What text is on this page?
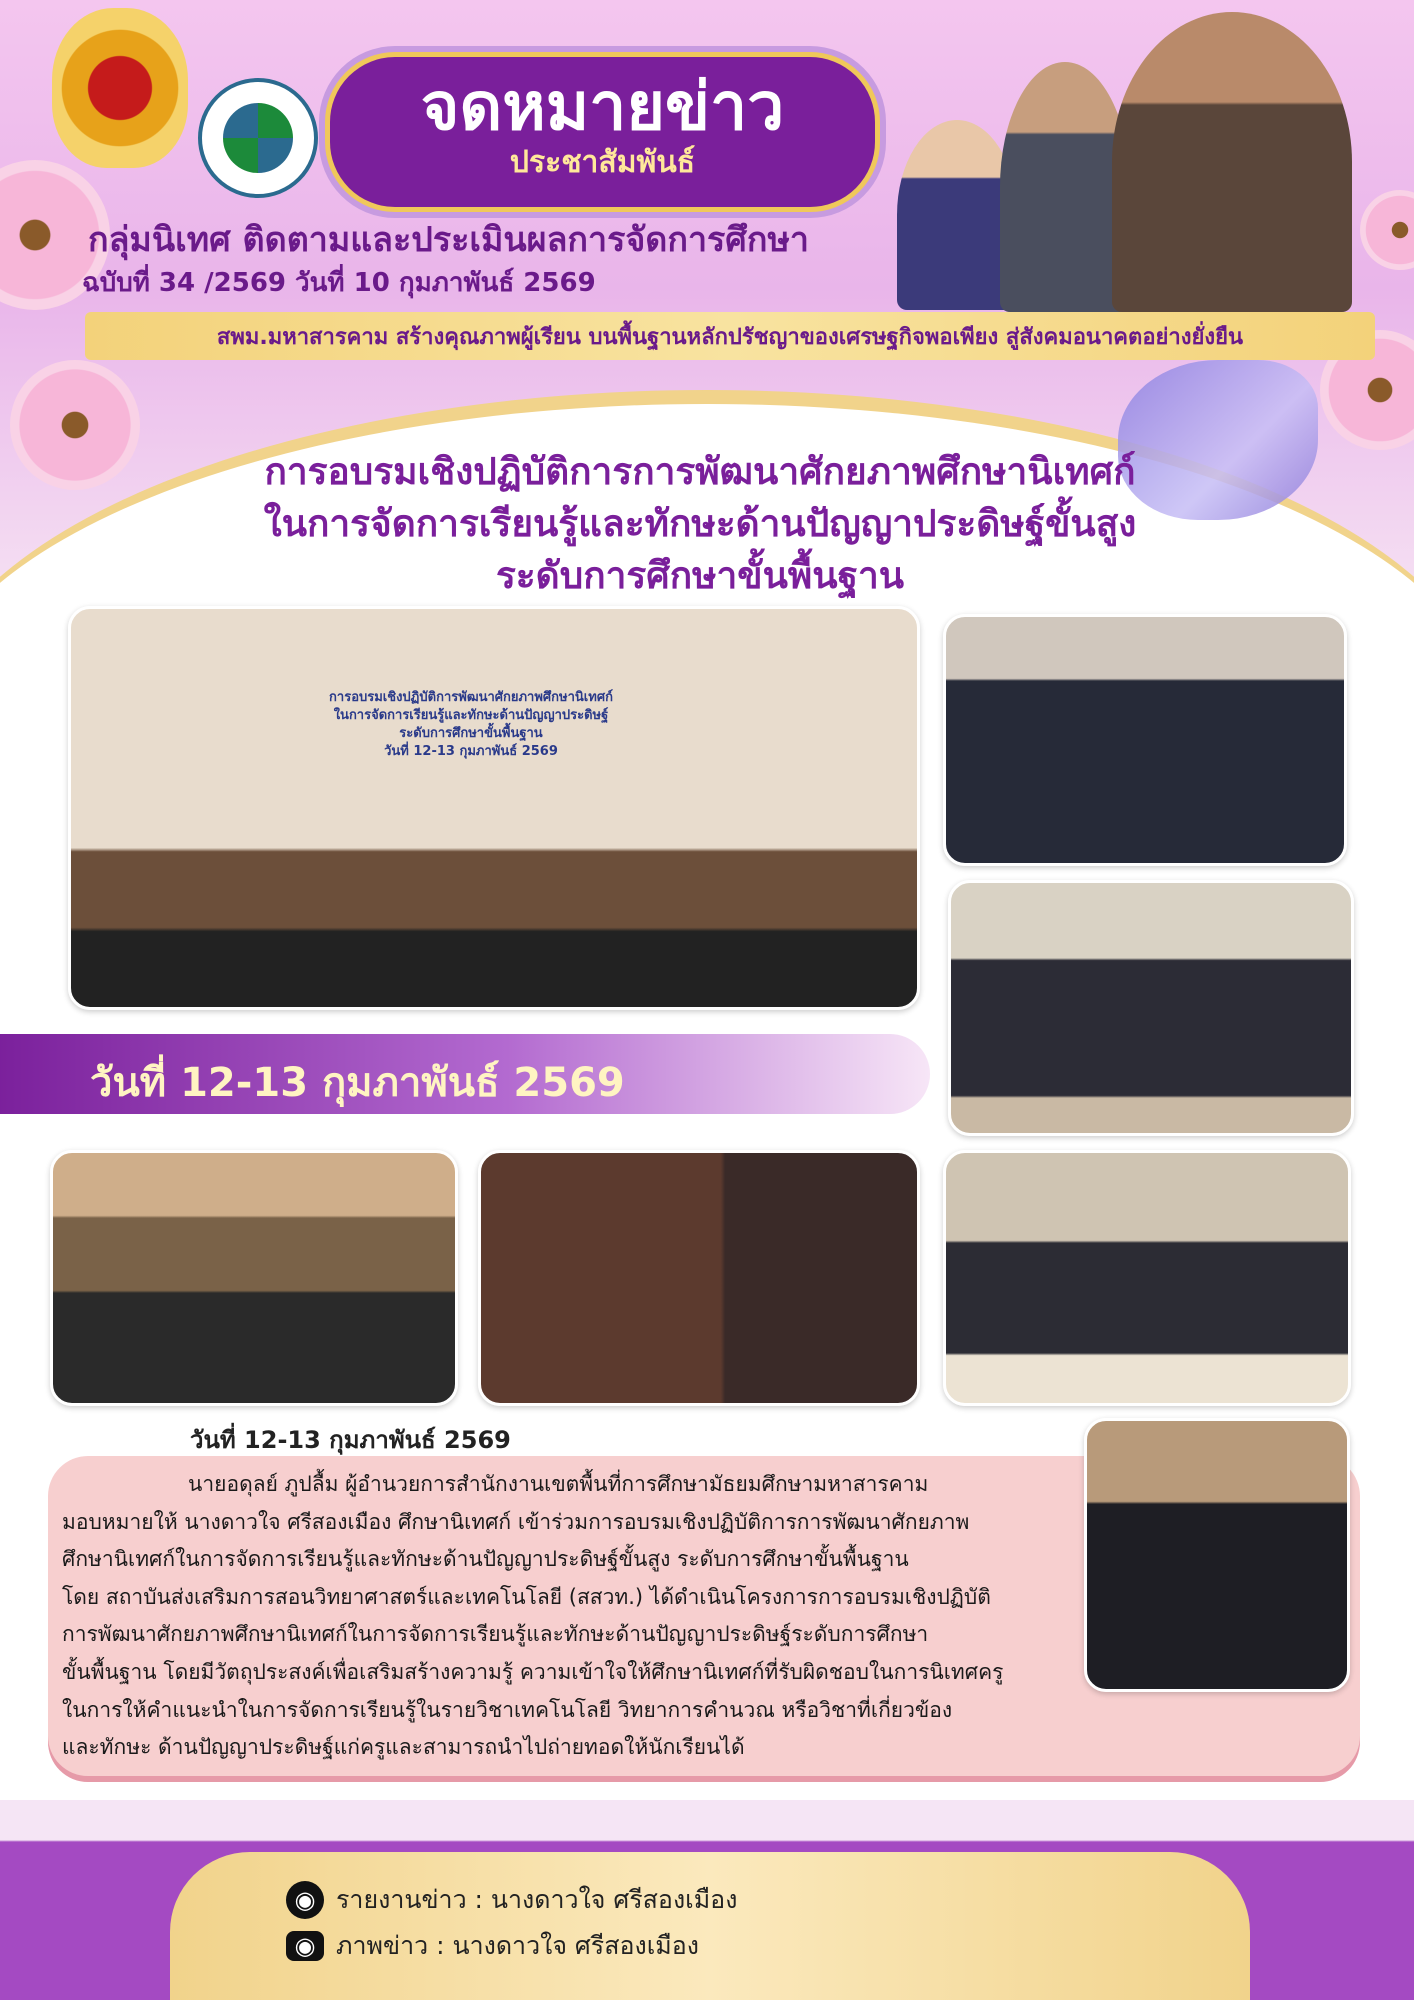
จดหมายข่าว
ประชาสัมพันธ์
กลุ่มนิเทศ ติดตามและประเมินผลการจัดการศึกษา
ฉบับที่ 34 /2569 วันที่ 10 กุมภาพันธ์ 2569
สพม.มหาสารคาม สร้างคุณภาพผู้เรียน บนพื้นฐานหลักปรัชญาของเศรษฐกิจพอเพียง สู่สังคมอนาคตอย่างยั่งยืน
การอบรมเชิงปฏิบัติการการพัฒนาศักยภาพศึกษานิเทศก์
ในการจัดการเรียนรู้และทักษะด้านปัญญาประดิษฐ์ขั้นสูง
ระดับการศึกษาขั้นพื้นฐาน
การอบรมเชิงปฏิบัติการพัฒนาศักยภาพศึกษานิเทศก์
ในการจัดการเรียนรู้และทักษะด้านปัญญาประดิษฐ์
ระดับการศึกษาขั้นพื้นฐาน
วันที่ 12-13 กุมภาพันธ์ 2569
วันที่ 12-13 กุมภาพันธ์ 2569
วันที่ 12-13 กุมภาพันธ์ 2569
นายอดุลย์ ภูปลื้ม ผู้อำนวยการสำนักงานเขตพื้นที่การศึกษามัธยมศึกษามหาสารคาม
มอบหมายให้ นางดาวใจ ศรีสองเมือง ศึกษานิเทศก์ เข้าร่วมการอบรมเชิงปฏิบัติการการพัฒนาศักยภาพ
ศึกษานิเทศก์ในการจัดการเรียนรู้และทักษะด้านปัญญาประดิษฐ์ขั้นสูง ระดับการศึกษาขั้นพื้นฐาน
โดย สถาบันส่งเสริมการสอนวิทยาศาสตร์และเทคโนโลยี (สสวท.) ได้ดำเนินโครงการการอบรมเชิงปฏิบัติ
การพัฒนาศักยภาพศึกษานิเทศก์ในการจัดการเรียนรู้และทักษะด้านปัญญาประดิษฐ์ระดับการศึกษา
ขั้นพื้นฐาน โดยมีวัตถุประสงค์เพื่อเสริมสร้างความรู้ ความเข้าใจให้ศึกษานิเทศก์ที่รับผิดชอบในการนิเทศครู
ในการให้คำแนะนำในการจัดการเรียนรู้ในรายวิชาเทคโนโลยี วิทยาการคำนวณ หรือวิชาที่เกี่ยวข้อง
และทักษะ ด้านปัญญาประดิษฐ์แก่ครูและสามารถนำไปถ่ายทอดให้นักเรียนได้
◉ รายงานข่าว : นางดาวใจ ศรีสองเมือง
◉ ภาพข่าว : นางดาวใจ ศรีสองเมือง
